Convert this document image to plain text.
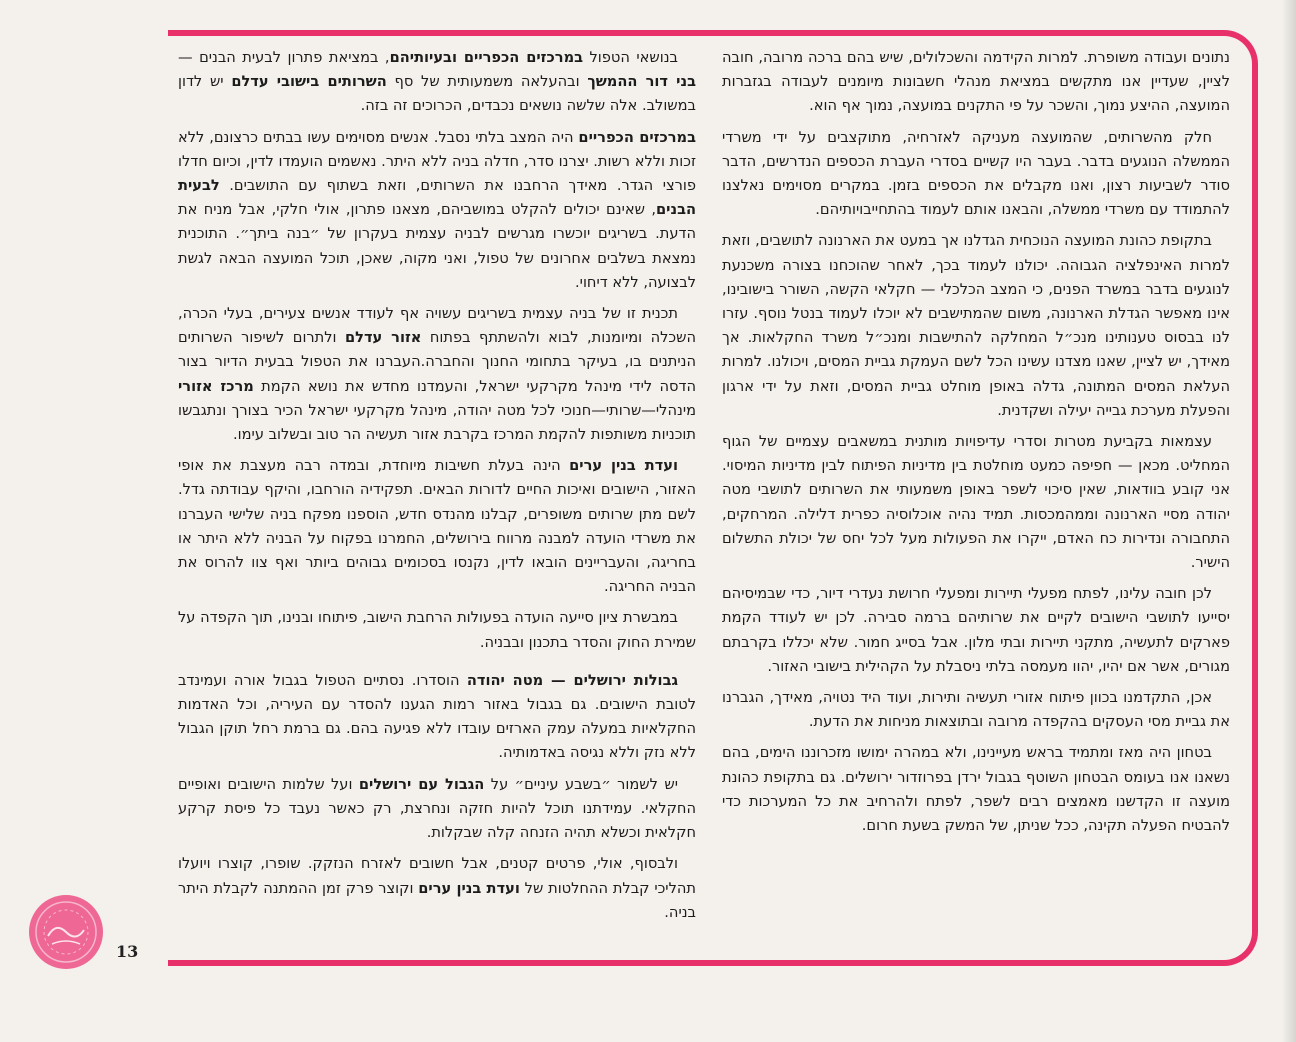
נתונים ועבודה משופרת. למרות הקידמה והשכלולים, שיש בהם ברכה מרובה, חובה לציין, שעדיין אנו מתקשים במציאת מנהלי חשבונות מיומנים לעבודה בגזברות המועצה, ההיצע נמוך, והשכר על פי התקנים במועצה, נמוך אף הוא.

חלק מהשרותים, שהמועצה מעניקה לאזרחיה, מתוקצבים על ידי משרדי הממשלה הנוגעים בדבר. בעבר היו קשיים בסדרי העברת הכספים הנדרשים, הדבר סודר לשביעות רצון, ואנו מקבלים את הכספים בזמן. במקרים מסוימים נאלצנו להתמודד עם משרדי ממשלה, והבאנו אותם לעמוד בהתחייבויותיהם.

בתקופת כהונת המועצה הנוכחית הגדלנו אך במעט את הארנונה לתושבים, וזאת למרות האינפלציה הגבוהה. יכולנו לעמוד בכך, לאחר שהוכחנו בצורה משכנעת לנוגעים בדבר במשרד הפנים, כי המצב הכלכלי — חקלאי הקשה, השורר בישובינו, אינו מאפשר הגדלת הארנונה, משום שהמתישבים לא יוכלו לעמוד בנטל נוסף. עזרו לנו בבסוס טענותינו מנכ״ל המחלקה להתישבות ומנכ״ל משרד החקלאות. אך מאידך, יש לציין, שאנו מצדנו עשינו הכל לשם העמקת גביית המסים, ויכולנו. למרות העלאת המסים המתונה, גדלה באופן מוחלט גביית המסים, וזאת על ידי ארגון והפעלת מערכת גבייה יעילה ושקדנית.

עצמאות בקביעת מטרות וסדרי עדיפויות מותנית במשאבים עצמיים של הגוף המחליט. מכאן — חפיפה כמעט מוחלטת בין מדיניות הפיתוח לבין מדיניות המיסוי. אני קובע בוודאות, שאין סיכוי לשפר באופן משמעותי את השרותים לתושבי מטה יהודה מסיי הארנונה וממהמכסות. תמיד נהיה אוכלוסיה כפרית דלילה. המרחקים, התחבורה ונדירות כח האדם, ייקרו את הפעולות מעל לכל יחס של יכולת התשלום הישיר.

לכן חובה עלינו, לפתח מפעלי תיירות ומפעלי חרושת נעדרי דיור, כדי שבמיסיהם יסייעו לתושבי הישובים לקיים את שרותיהם ברמה סבירה. לכן יש לעודד הקמת פארקים לתעשיה, מתקני תיירות ובתי מלון. אבל בסייג חמור. שלא יכללו בקרבתם מגורים, אשר אם יהיו, יהוו מעמסה בלתי ניסבלת על הקהילית בישובי האזור.

אכן, התקדמנו בכוון פיתוח אזורי תעשיה ותירות, ועוד היד נטויה, מאידך, הגברנו את גביית מסי העסקים בהקפדה מרובה ובתוצאות מניחות את הדעת.

בטחון היה מאז ומתמיד בראש מעיינינו, ולא במהרה ימושו מזכרוננו הימים, בהם נשאנו אנו בעומס הבטחון השוטף בגבול ירדן בפרוזדור ירושלים. גם בתקופת כהונת מועצה זו הקדשנו מאמצים רבים לשפר, לפתח ולהרחיב את כל המערכות כדי להבטיח הפעלה תקינה, ככל שניתן, של המשק בשעת חרום.

בנושאי הטפול במרכזים הכפריים ובעיותיהם, במציאת פתרון לבעית הבנים — בני דור ההמשך ובהעלאה משמעותית של סף השרותים בישובי עדלם יש לדון במשולב. אלה שלשה נושאים נכבדים, הכרוכים זה בזה.

במרכזים הכפריים היה המצב בלתי נסבל. אנשים מסוימים עשו בבתים כרצונם, ללא זכות וללא רשות. יצרנו סדר, חדלה בניה ללא היתר. נאשמים הועמדו לדין, וכיום חדלו פורצי הגדר. מאידך הרחבנו את השרותים, וזאת בשתוף עם התושבים. לבעית הבנים, שאינם יכולים להקלט במושביהם, מצאנו פתרון, אולי חלקי, אבל מניח את הדעת. בשריגים יוכשרו מגרשים לבניה עצמית בעקרון של ״בנה ביתך״. התוכנית נמצאת בשלבים אחרונים של טפול, ואני מקוה, שאכן, תוכל המועצה הבאה לגשת לבצועה, ללא דיחוי.

תכנית זו של בניה עצמית בשריגים עשויה אף לעודד אנשים צעירים, בעלי הכרה, השכלה ומיומנות, לבוא ולהשתתף בפתוח אזור עדלם ולתרום לשיפור השרותים הניתנים בו, בעיקר בתחומי החנוך והחברה.העברנו את הטפול בבעית הדיור בצור הדסה לידי מינהל מקרקעי ישראל, והעמדנו מחדש את נושא הקמת מרכז אזורי מינהלי—שרותי—חנוכי לכל מטה יהודה, מינהל מקרקעי ישראל הכיר בצורך ונתגבשו תוכניות משותפות להקמת המרכז בקרבת אזור תעשיה הר טוב ובשלוב עימו.

ועדת בנין ערים הינה בעלת חשיבות מיוחדת, ובמדה רבה מעצבת את אופי האזור, הישובים ואיכות החיים לדורות הבאים. תפקידיה הורחבו, והיקף עבודתה גדל. לשם מתן שרותים משופרים, קבלנו מהנדס חדש, הוספנו מפקח בניה שלישי העברנו את משרדי הועדה למבנה מרווח בירושלים, החמרנו בפקוח על הבניה ללא היתר או בחריגה, והעבריינים הובאו לדין, נקנסו בסכומים גבוהים ביותר ואף צוו להרוס את הבניה החריגה.

במבשרת ציון סייעה הועדה בפעולות הרחבת הישוב, פיתוחו ובנינו, תוך הקפדה על שמירת החוק והסדר בתכנון ובבניה.

גבולות ירושלים — מטה יהודה הוסדרו. נסתיים הטפול בגבול אורה ועמינדב לטובת הישובים. גם בגבול באזור רמות הגענו להסדר עם העיריה, וכל האדמות החקלאיות במעלה עמק הארזים עובדו ללא פגיעה בהם. גם ברמת רחל תוקן הגבול ללא נזק וללא נגיסה באדמותיה.

יש לשמור ״בשבע עיניים״ על הגבול עם ירושלים ועל שלמות הישובים ואופיים החקלאי. עמידתנו תוכל להיות חזקה ונחרצת, רק כאשר נעבד כל פיסת קרקע חקלאית וכשלא תהיה הזנחה קלה שבקלות.

ולבסוף, אולי, פרטים קטנים, אבל חשובים לאזרח הנזקק. שופרו, קוצרו ויועלו תהליכי קבלת ההחלטות של ועדת בנין ערים וקוצר פרק זמן ההמתנה לקבלת היתר בניה.

13
